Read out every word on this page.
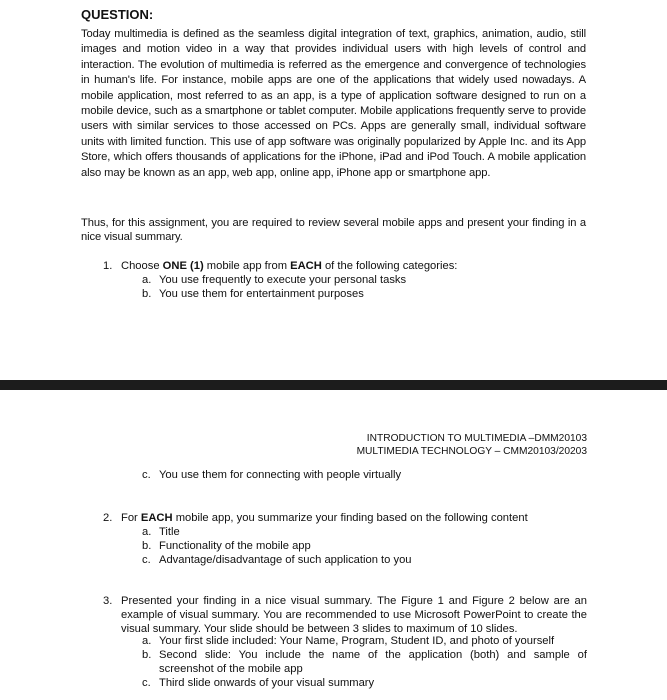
QUESTION:
Today multimedia is defined as the seamless digital integration of text, graphics, animation, audio, still images and motion video in a way that provides individual users with high levels of control and interaction. The evolution of multimedia is referred as the emergence and convergence of technologies in human's life. For instance, mobile apps are one of the applications that widely used nowadays. A mobile application, most referred to as an app, is a type of application software designed to run on a mobile device, such as a smartphone or tablet computer. Mobile applications frequently serve to provide users with similar services to those accessed on PCs. Apps are generally small, individual software units with limited function. This use of app software was originally popularized by Apple Inc. and its App Store, which offers thousands of applications for the iPhone, iPad and iPod Touch. A mobile application also may be known as an app, web app, online app, iPhone app or smartphone app.
Thus, for this assignment, you are required to review several mobile apps and present your finding in a nice visual summary.
1. Choose ONE (1) mobile app from EACH of the following categories:
a. You use frequently to execute your personal tasks
b. You use them for entertainment purposes
INTRODUCTION TO MULTIMEDIA –DMM20103
MULTIMEDIA TECHNOLOGY – CMM20103/20203
c. You use them for connecting with people virtually
2. For EACH mobile app, you summarize your finding based on the following content
a. Title
b. Functionality of the mobile app
c. Advantage/disadvantage of such application to you
3. Presented your finding in a nice visual summary. The Figure 1 and Figure 2 below are an example of visual summary. You are recommended to use Microsoft PowerPoint to create the visual summary. Your slide should be between 3 slides to maximum of 10 slides.
a. Your first slide included: Your Name, Program, Student ID, and photo of yourself
b. Second slide: You include the name of the application (both) and sample of screenshot of the mobile app
c. Third slide onwards of your visual summary
